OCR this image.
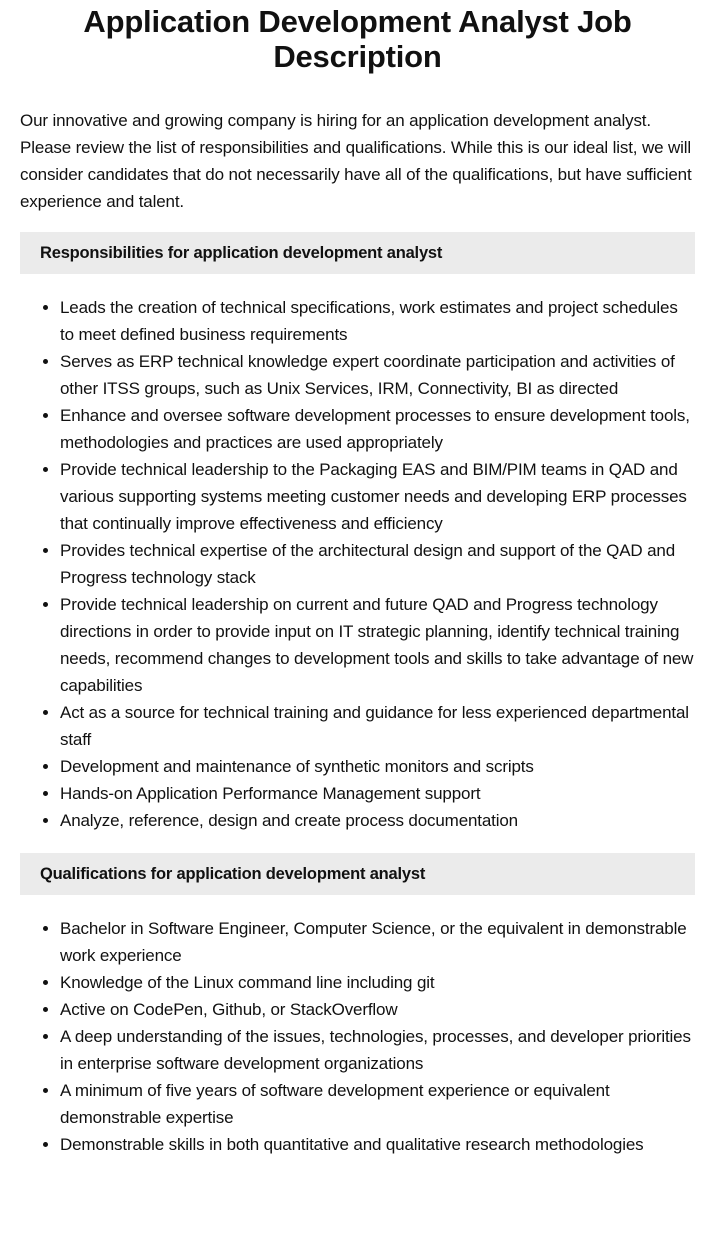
Application Development Analyst Job Description

Our innovative and growing company is hiring for an application development analyst. Please review the list of responsibilities and qualifications. While this is our ideal list, we will consider candidates that do not necessarily have all of the qualifications, but have sufficient experience and talent.

Responsibilities for application development analyst
• Leads the creation of technical specifications, work estimates and project schedules to meet defined business requirements
• Serves as ERP technical knowledge expert coordinate participation and activities of other ITSS groups, such as Unix Services, IRM, Connectivity, BI as directed
• Enhance and oversee software development processes to ensure development tools, methodologies and practices are used appropriately
• Provide technical leadership to the Packaging EAS and BIM/PIM teams in QAD and various supporting systems meeting customer needs and developing ERP processes that continually improve effectiveness and efficiency
• Provides technical expertise of the architectural design and support of the QAD and Progress technology stack
• Provide technical leadership on current and future QAD and Progress technology directions in order to provide input on IT strategic planning, identify technical training needs, recommend changes to development tools and skills to take advantage of new capabilities
• Act as a source for technical training and guidance for less experienced departmental staff
• Development and maintenance of synthetic monitors and scripts
• Hands-on Application Performance Management support
• Analyze, reference, design and create process documentation
Qualifications for application development analyst
• Bachelor in Software Engineer, Computer Science, or the equivalent in demonstrable work experience
• Knowledge of the Linux command line including git
• Active on CodePen, Github, or StackOverflow
• A deep understanding of the issues, technologies, processes, and developer priorities in enterprise software development organizations
• A minimum of five years of software development experience or equivalent demonstrable expertise
• Demonstrable skills in both quantitative and qualitative research methodologies
